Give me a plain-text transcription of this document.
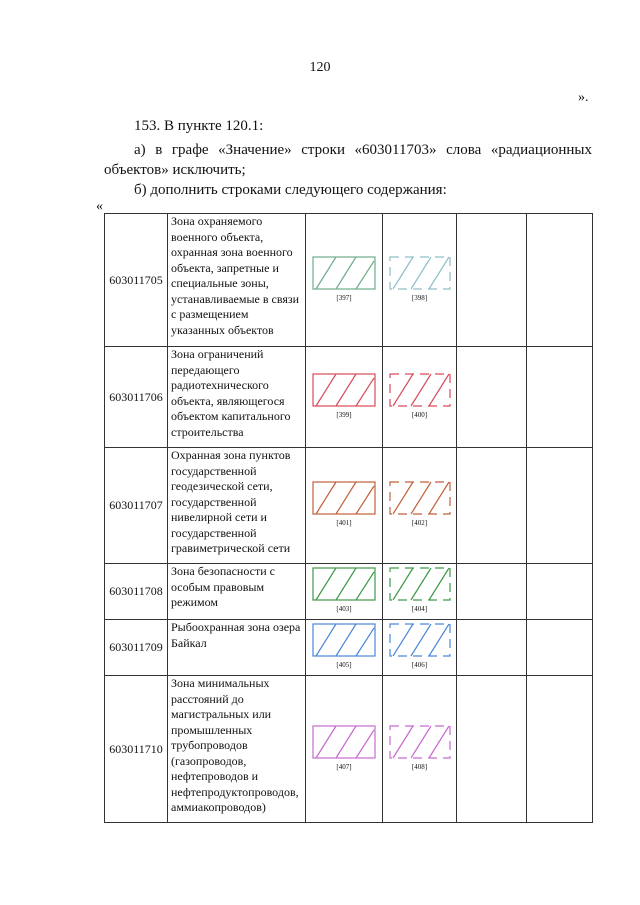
120
».
153. В пункте 120.1:
а) в графе «Значение» строки «603011703» слова «радиационных объектов» исключить;
б) дополнить строками следующего содержания:
«
603011705	Зона охраняемого военного объекта, охранная зона военного объекта, запретные и специальные зоны, устанавливаемые в связи с размещением указанных объектов	[397]	[398]		

603011706	Зона ограничений передающего радиотехнического объекта, являющегося объектом капитального строительства	[399]	[400]		

603011707	Охранная зона пунктов государственной геодезической сети, государственной нивелирной сети и государственной гравиметрической сети	[401]	[402]		

603011708	Зона безопасности с особым правовым режимом	[403]	[404]		

603011709	Рыбоохранная зона озера Байкал	[405]	[406]		

603011710	Зона минимальных расстояний до магистральных или промышленных трубопроводов (газопроводов, нефтепроводов и нефтепродуктопроводов, аммиакопроводов)	[407]	[408]		
